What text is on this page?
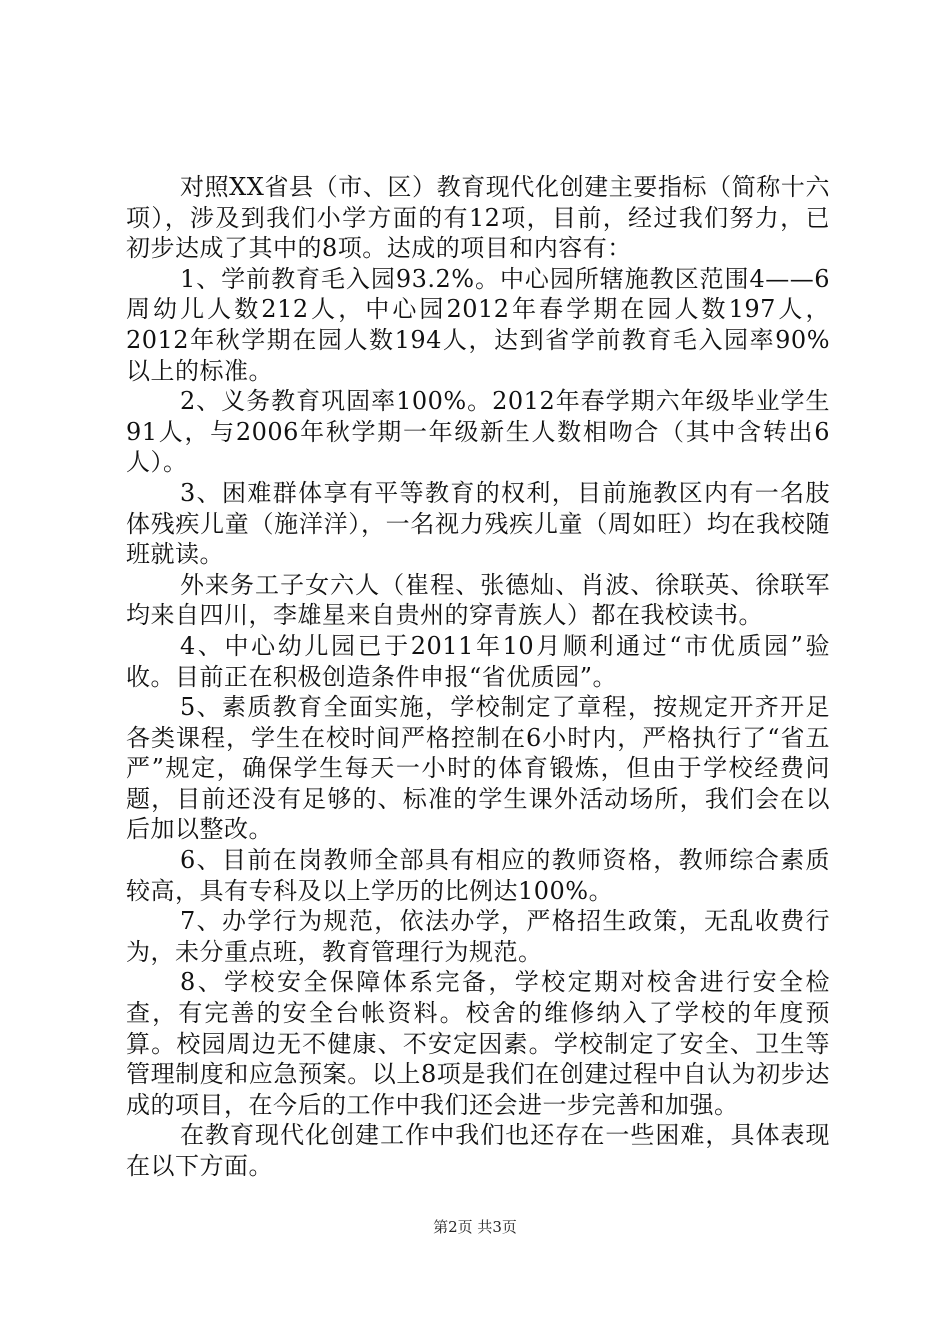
对照XX省县（市、区）教育现代化创建主要指标（简称十六项），涉及到我们小学方面的有12项，目前，经过我们努力，已初步达成了其中的8项。达成的项目和内容有：

1、学前教育毛入园93.2%。中心园所辖施教区范围4——6周幼儿人数212人，中心园2012年春学期在园人数197人，2012年秋学期在园人数194人，达到省学前教育毛入园率90%以上的标准。

2、义务教育巩固率100%。2012年春学期六年级毕业学生91人，与2006年秋学期一年级新生人数相吻合（其中含转出6人）。

3、困难群体享有平等教育的权利，目前施教区内有一名肢体残疾儿童（施洋洋），一名视力残疾儿童（周如旺）均在我校随班就读。

外来务工子女六人（崔程、张德灿、肖波、徐联英、徐联军均来自四川，李雄星来自贵州的穿青族人）都在我校读书。

4、中心幼儿园已于2011年10月顺利通过“市优质园”验收。目前正在积极创造条件申报“省优质园”。

5、素质教育全面实施，学校制定了章程，按规定开齐开足各类课程，学生在校时间严格控制在6小时内，严格执行了“省五严”规定，确保学生每天一小时的体育锻炼，但由于学校经费问题，目前还没有足够的、标准的学生课外活动场所，我们会在以后加以整改。

6、目前在岗教师全部具有相应的教师资格，教师综合素质较高，具有专科及以上学历的比例达100%。

7、办学行为规范，依法办学，严格招生政策，无乱收费行为，未分重点班，教育管理行为规范。

8、学校安全保障体系完备，学校定期对校舍进行安全检查，有完善的安全台帐资料。校舍的维修纳入了学校的年度预算。校园周边无不健康、不安定因素。学校制定了安全、卫生等管理制度和应急预案。以上8项是我们在创建过程中自认为初步达成的项目，在今后的工作中我们还会进一步完善和加强。

在教育现代化创建工作中我们也还存在一些困难，具体表现在以下方面。

第2页 共3页
